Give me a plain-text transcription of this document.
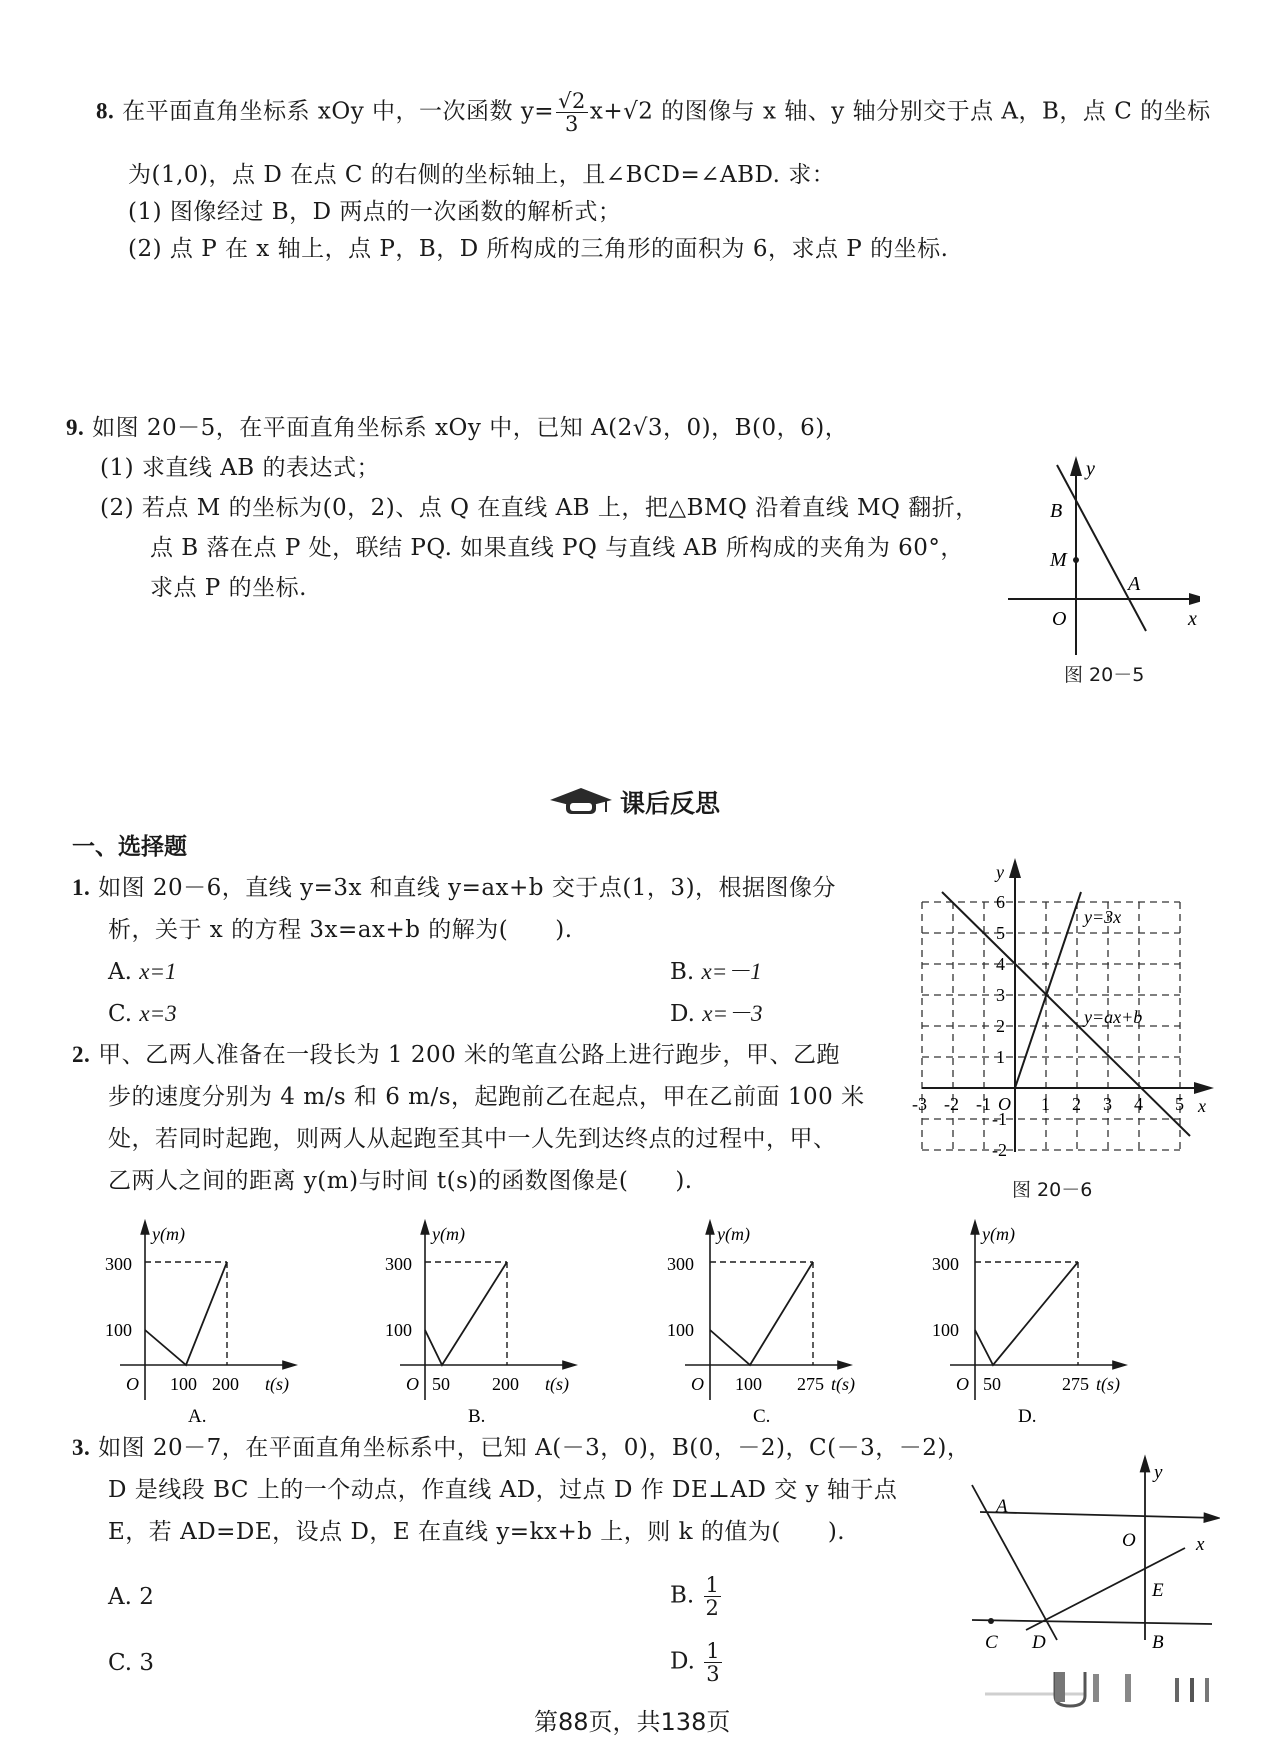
8. 在平面直角坐标系 xOy 中，一次函数 $y= \frac{√2}{3} x+√2$ 的图像与 x 轴、y 轴分别交于点 A，B，点 C 的坐标
为(1,0)，点 D 在点 C 的右侧的坐标轴上，且∠BCD=∠ABD. 求：
(1) 图像经过 B，D 两点的一次函数的解析式；
(2) 点 P 在 x 轴上，点 P，B，D 所构成的三角形的面积为 6，求点 P 的坐标.
9. 如图 20－5，在平面直角坐标系 xOy 中，已知 A(2√3，0)，B(0，6)，
(1) 求直线 AB 的表达式；
(2) 若点 M 的坐标为(0，2)、点 Q 在直线 AB 上，把△BMQ 沿着直线 MQ 翻折，
点 B 落在点 P 处，联结 PQ. 如果直线 PQ 与直线 AB 所构成的夹角为 60°，
求点 P 的坐标.
y
B
M
A
O	x
图 20－5
课后反思
一、选择题
1. 如图 20－6，直线 y=3x 和直线 y=ax+b 交于点(1，3)，根据图像分
析，关于 x 的方程 3x=ax+b 的解为(　　).
A. x=1	B. x=－1
C. x=3	D. x=－3
y=3x
y=ax+b
y
x
6
5
4
3
2
1
-1
-2
-3 -2 -1 O 1 2 3 4 5
图 20－6
2. 甲、乙两人准备在一段长为 1 200 米的笔直公路上进行跑步，甲、乙跑
步的速度分别为 4 m/s 和 6 m/s，起跑前乙在起点，甲在乙前面 100 米
处，若同时起跑，则两人从起跑至其中一人先到达终点的过程中，甲、
乙两人之间的距离 y(m)与时间 t(s)的函数图像是(　　).
y(m)
300
100
O 100 200 t(s)
A.
y(m)
300
100
O 50 200 t(s)
B.
y(m)
300
100
O 100 275 t(s)
C.
y(m)
300
100
O 50	275 t(s)
D.
3. 如图 20－7，在平面直角坐标系中，已知 A(－3，0)，B(0，－2)，C(－3，－2)，
D 是线段 BC 上的一个动点，作直线 AD，过点 D 作 DE⊥AD 交 y 轴于点
E，若 AD=DE，设点 D，E 在直线 y=kx+b 上，则 k 的值为(　　).
A. 2	B. $\frac{1}{2}$
C. 3	D. $\frac{1}{3}$
A
y
O	x
E
C D	B
第88页，共138页
